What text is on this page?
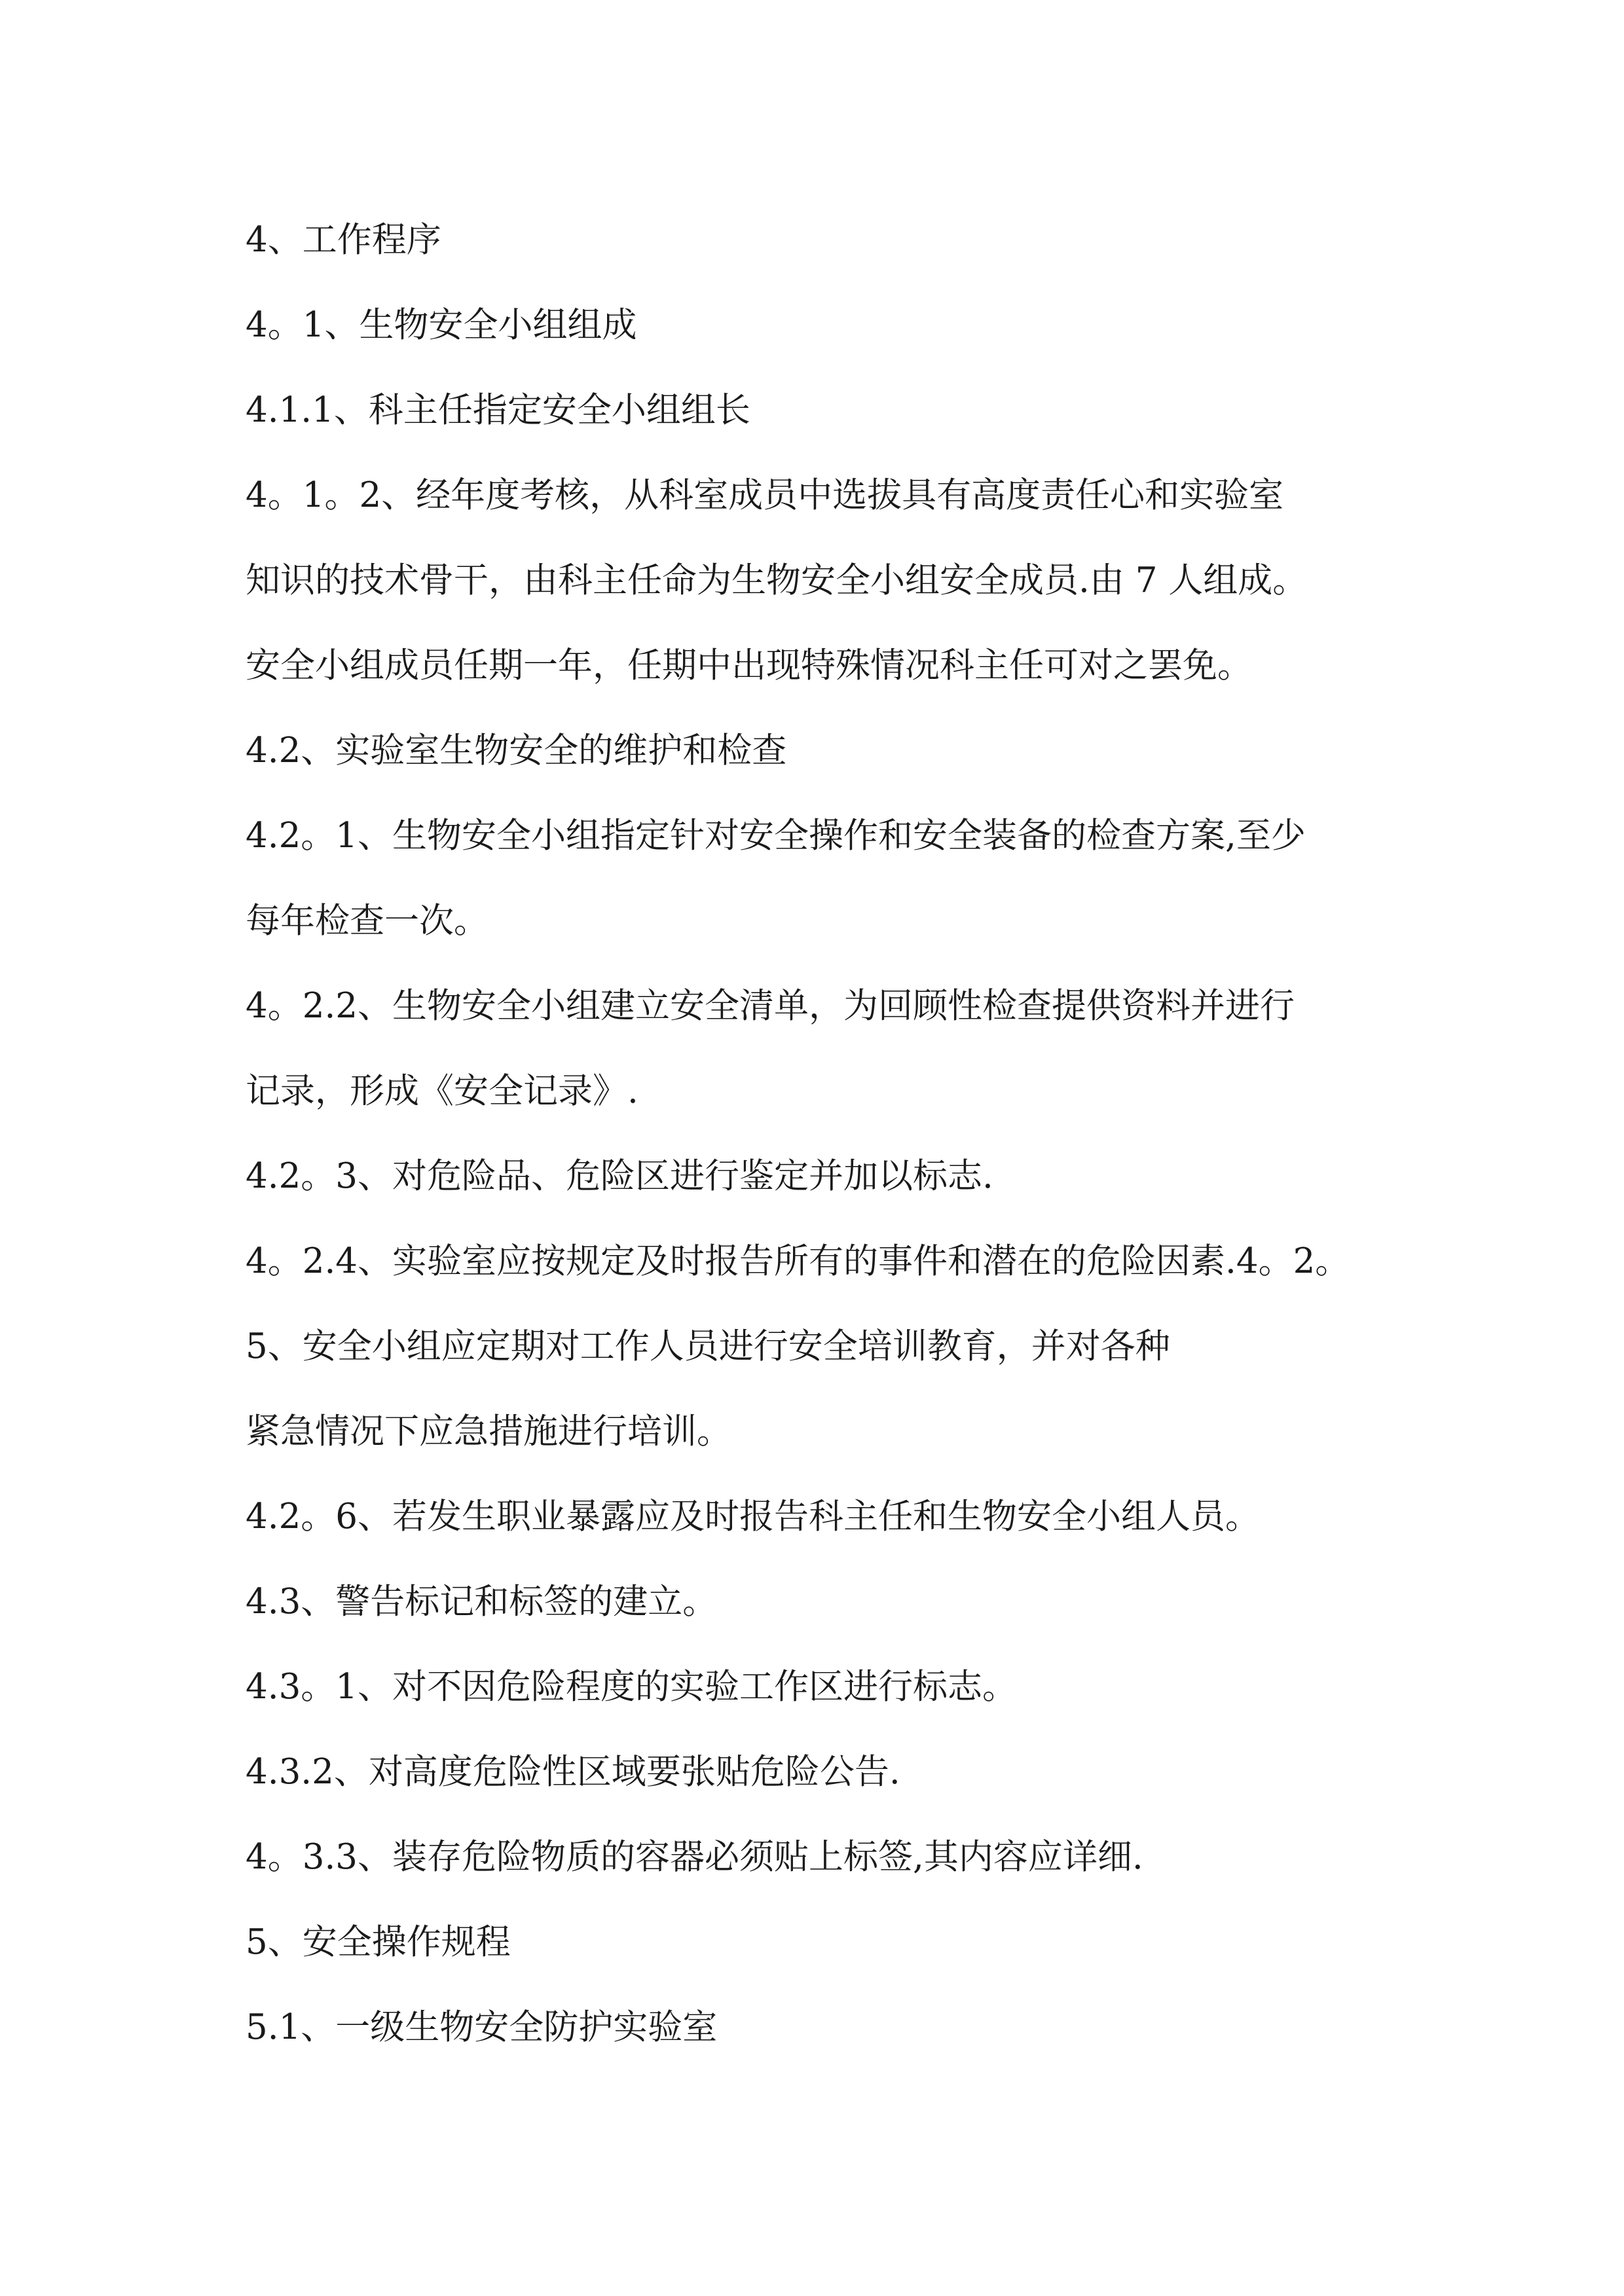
4、工作程序
4。1、生物安全小组组成
4.1.1、科主任指定安全小组组长
4。1。2、经年度考核，从科室成员中选拔具有高度责任心和实验室
知识的技术骨干，由科主任命为生物安全小组安全成员.由 7 人组成。
安全小组成员任期一年，任期中出现特殊情况科主任可对之罢免。
4.2、实验室生物安全的维护和检查
4.2。1、生物安全小组指定针对安全操作和安全装备的检查方案,至少
每年检查一次。
4。2.2、生物安全小组建立安全清单，为回顾性检查提供资料并进行
记录，形成《安全记录》.
4.2。3、对危险品、危险区进行鉴定并加以标志.
4。2.4、实验室应按规定及时报告所有的事件和潜在的危险因素.4。2。
5、安全小组应定期对工作人员进行安全培训教育，并对各种
紧急情况下应急措施进行培训。
4.2。6、若发生职业暴露应及时报告科主任和生物安全小组人员。
4.3、警告标记和标签的建立。
4.3。1、对不因危险程度的实验工作区进行标志。
4.3.2、对高度危险性区域要张贴危险公告.
4。3.3、装存危险物质的容器必须贴上标签,其内容应详细.
5、安全操作规程
5.1、一级生物安全防护实验室
